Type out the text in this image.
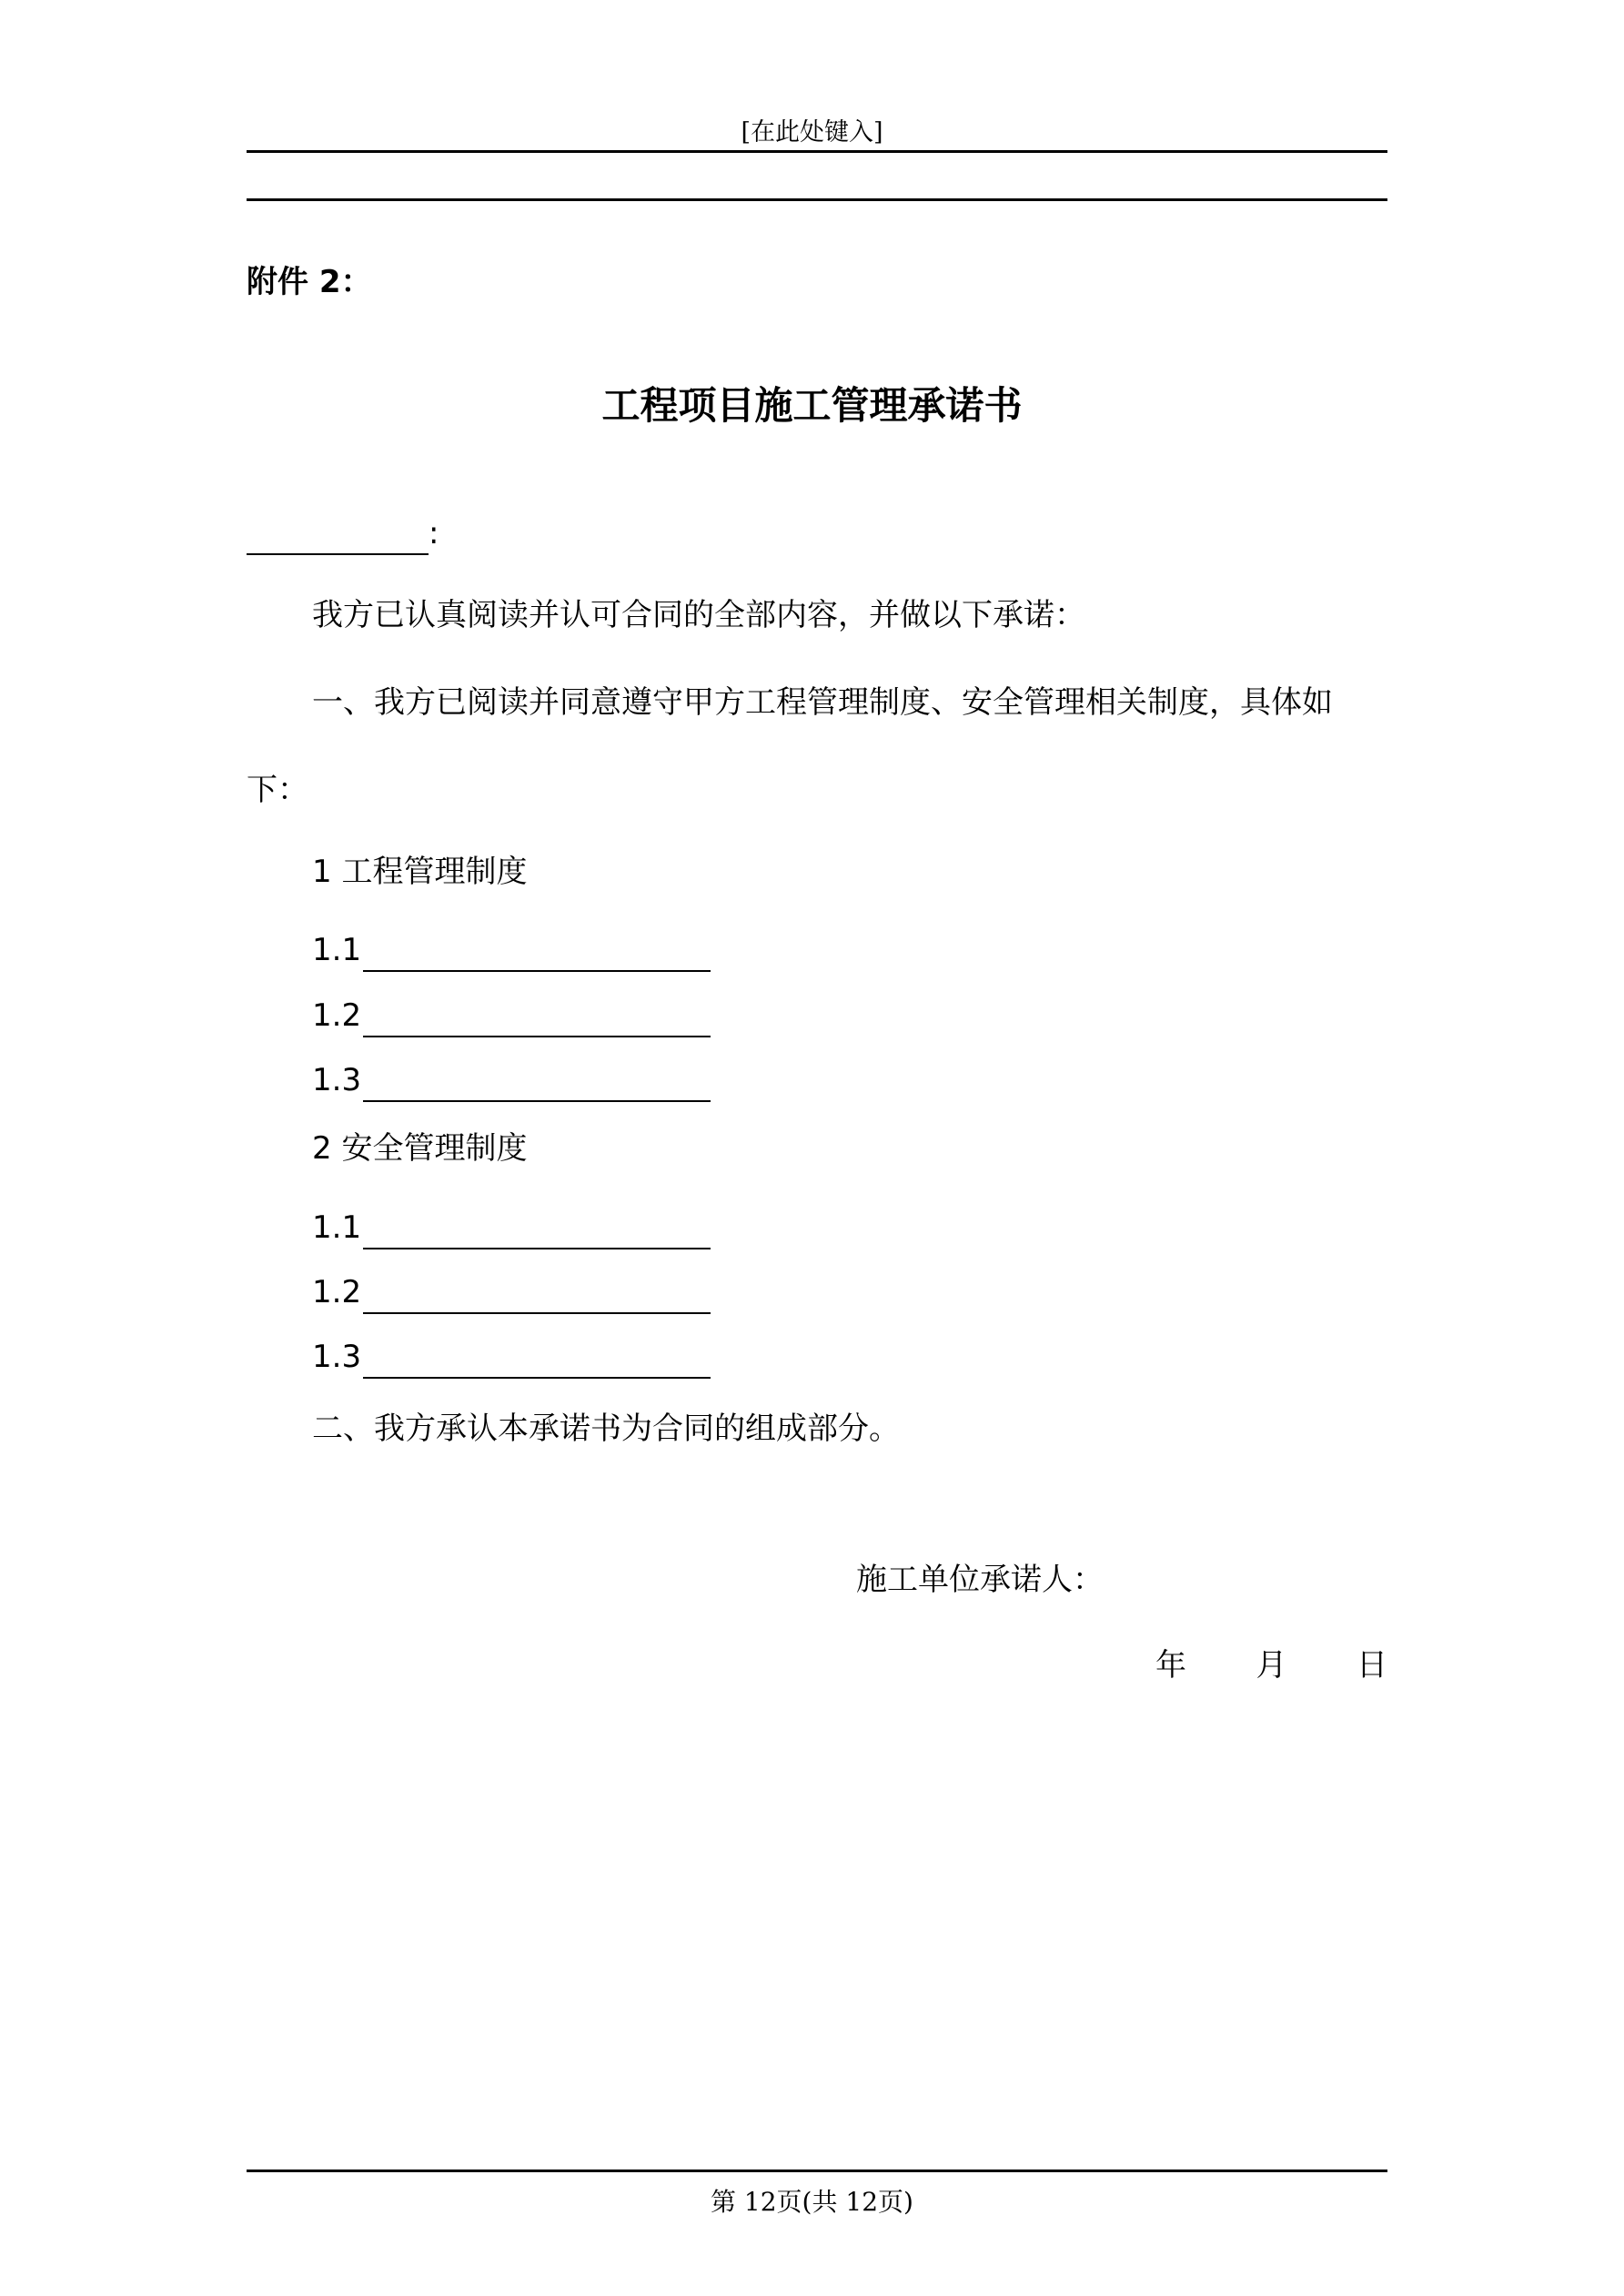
[在此处键入]
附件 2：
工程项目施工管理承诺书
:
我方已认真阅读并认可合同的全部内容，并做以下承诺：
一、我方已阅读并同意遵守甲方工程管理制度、安全管理相关制度，具体如
下：
1 工程管理制度
1.1
1.2
1.3
2 安全管理制度
1.1
1.2
1.3
二、我方承认本承诺书为合同的组成部分。
施工单位承诺人：
年 月 日
第 12页(共 12页)
